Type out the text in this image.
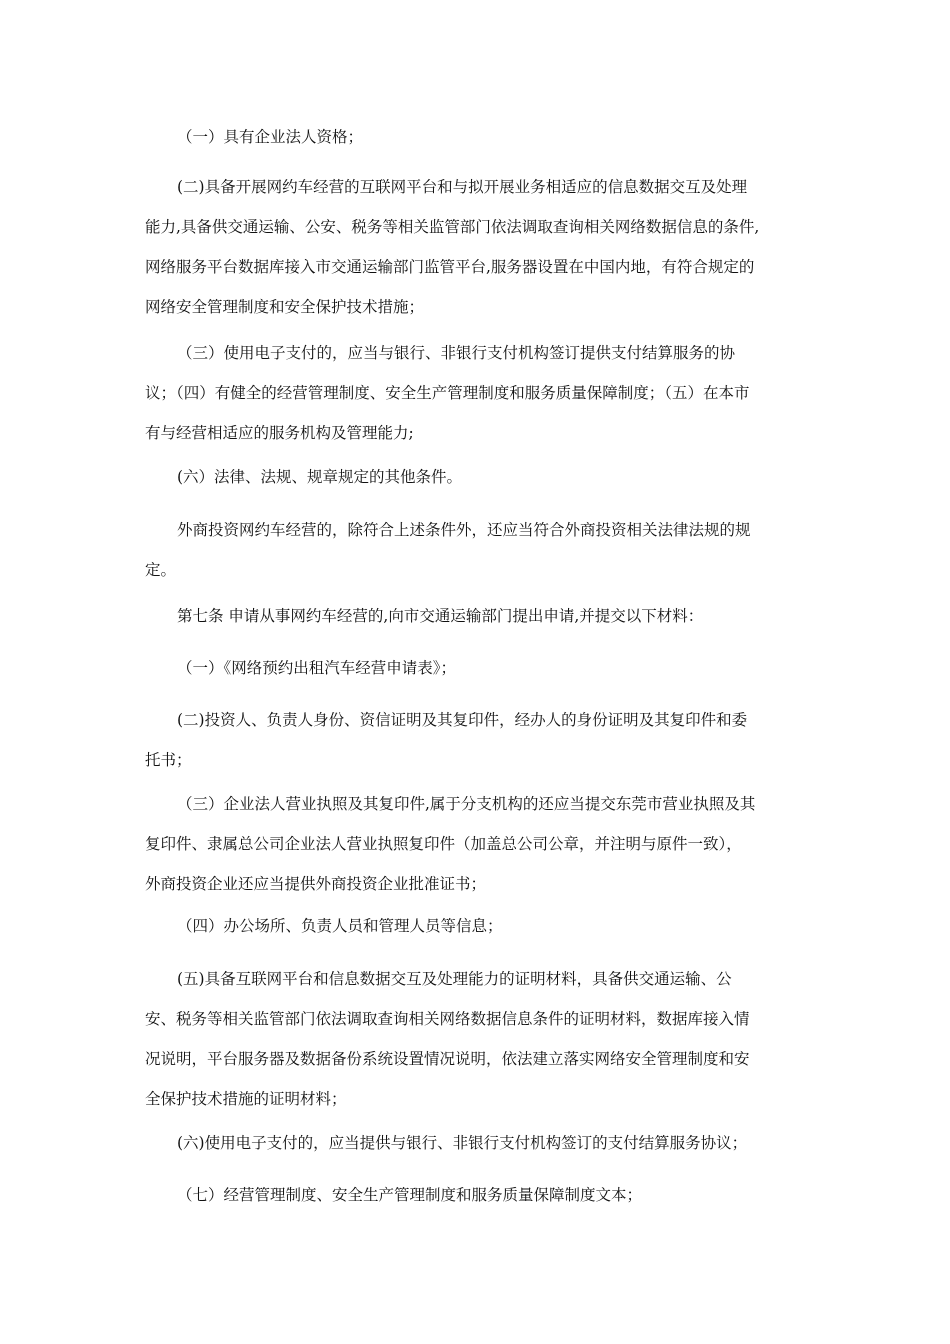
（一）具有企业法人资格；
(二)具备开展网约车经营的互联网平台和与拟开展业务相适应的信息数据交互及处理
能力,具备供交通运输、公安、税务等相关监管部门依法调取查询相关网络数据信息的条件,
网络服务平台数据库接入市交通运输部门监管平台,服务器设置在中国内地，有符合规定的
网络安全管理制度和安全保护技术措施；
（三）使用电子支付的，应当与银行、非银行支付机构签订提供支付结算服务的协
议；（四）有健全的经营管理制度、安全生产管理制度和服务质量保障制度；（五）在本市
有与经营相适应的服务机构及管理能力;
(六）法律、法规、规章规定的其他条件。
外商投资网约车经营的，除符合上述条件外，还应当符合外商投资相关法律法规的规
定。
第七条 申请从事网约车经营的,向市交通运输部门提出申请,并提交以下材料：
（一）《网络预约出租汽车经营申请表》；
(二)投资人、负责人身份、资信证明及其复印件，经办人的身份证明及其复印件和委
托书；
（三）企业法人营业执照及其复印件,属于分支机构的还应当提交东莞市营业执照及其
复印件、隶属总公司企业法人营业执照复印件（加盖总公司公章，并注明与原件一致），
外商投资企业还应当提供外商投资企业批准证书；
（四）办公场所、负责人员和管理人员等信息；
(五)具备互联网平台和信息数据交互及处理能力的证明材料，具备供交通运输、公
安、税务等相关监管部门依法调取查询相关网络数据信息条件的证明材料，数据库接入情
况说明，平台服务器及数据备份系统设置情况说明，依法建立落实网络安全管理制度和安
全保护技术措施的证明材料；
(六)使用电子支付的，应当提供与银行、非银行支付机构签订的支付结算服务协议；
（七）经营管理制度、安全生产管理制度和服务质量保障制度文本；
